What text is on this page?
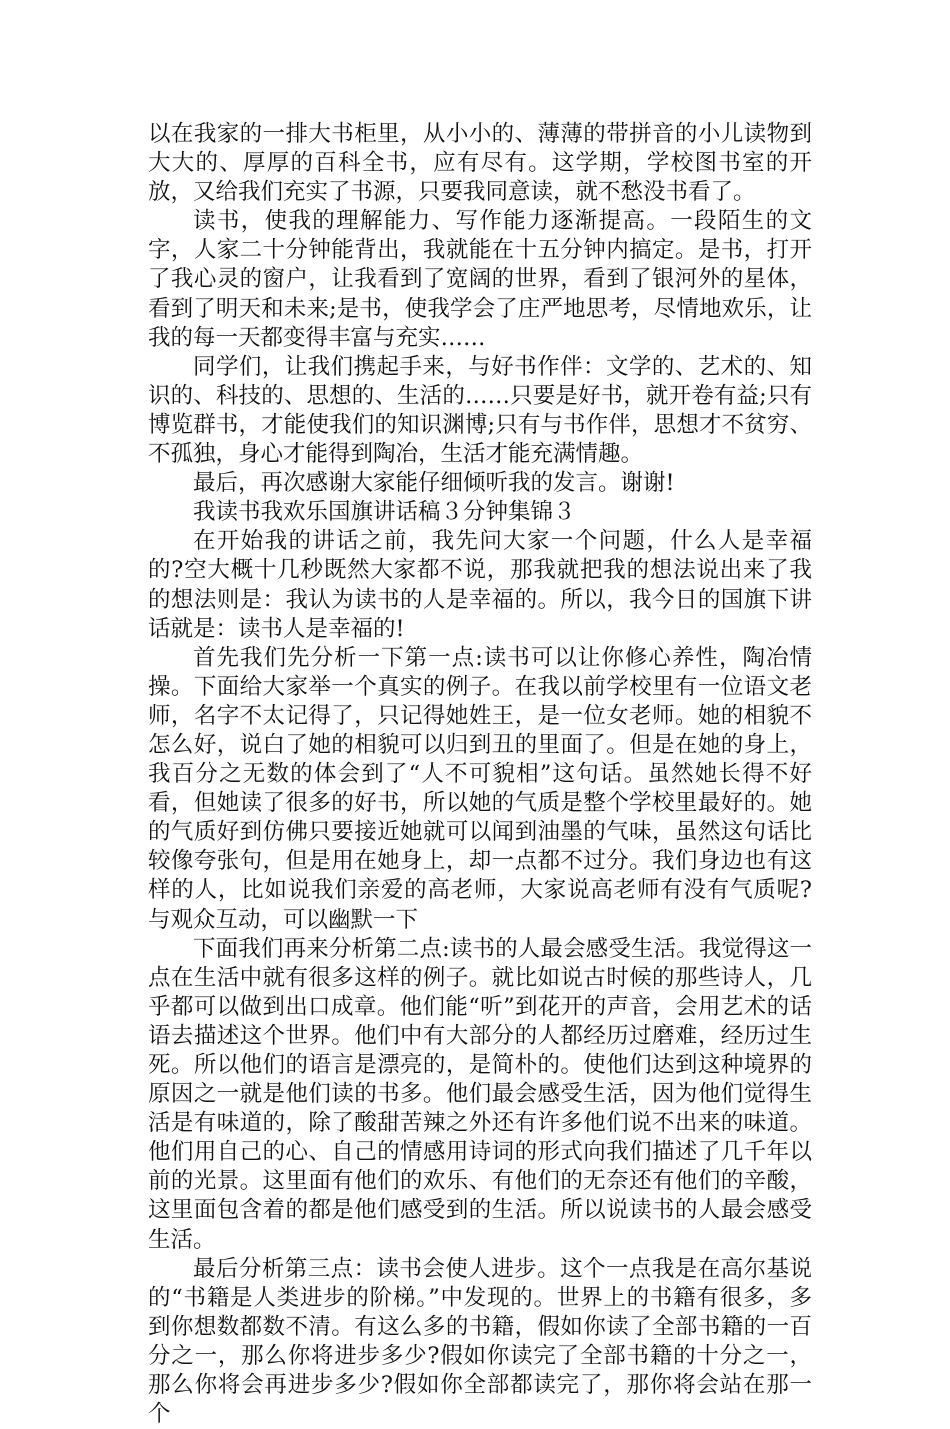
以在我家的一排大书柜里，从小小的、薄薄的带拼音的小儿读物到大大的、厚厚的百科全书，应有尽有。这学期，学校图书室的开放，又给我们充实了书源，只要我同意读，就不愁没书看了。

读书，使我的理解能力、写作能力逐渐提高。一段陌生的文字，人家二十分钟能背出，我就能在十五分钟内搞定。是书，打开了我心灵的窗户，让我看到了宽阔的世界，看到了银河外的星体，看到了明天和未来;是书，使我学会了庄严地思考，尽情地欢乐，让我的每一天都变得丰富与充实……

同学们，让我们携起手来，与好书作伴：文学的、艺术的、知识的、科技的、思想的、生活的……只要是好书，就开卷有益;只有博览群书，才能使我们的知识渊博;只有与书作伴，思想才不贫穷、不孤独，身心才能得到陶冶，生活才能充满情趣。

最后，再次感谢大家能仔细倾听我的发言。谢谢!

我读书我欢乐国旗讲话稿３分钟集锦３

在开始我的讲话之前，我先问大家一个问题，什么人是幸福的?空大概十几秒既然大家都不说，那我就把我的想法说出来了我的想法则是：我认为读书的人是幸福的。所以，我今日的国旗下讲话就是：读书人是幸福的!

首先我们先分析一下第一点:读书可以让你修心养性，陶冶情操。下面给大家举一个真实的例子。在我以前学校里有一位语文老师，名字不太记得了，只记得她姓王，是一位女老师。她的相貌不怎么好，说白了她的相貌可以归到丑的里面了。但是在她的身上，我百分之无数的体会到了“人不可貌相”这句话。虽然她长得不好看，但她读了很多的好书，所以她的气质是整个学校里最好的。她的气质好到仿佛只要接近她就可以闻到油墨的气味，虽然这句话比较像夸张句，但是用在她身上，却一点都不过分。我们身边也有这样的人，比如说我们亲爱的高老师，大家说高老师有没有气质呢?与观众互动，可以幽默一下

下面我们再来分析第二点:读书的人最会感受生活。我觉得这一点在生活中就有很多这样的例子。就比如说古时候的那些诗人，几乎都可以做到出口成章。他们能“听”到花开的声音，会用艺术的话语去描述这个世界。他们中有大部分的人都经历过磨难，经历过生死。所以他们的语言是漂亮的，是简朴的。使他们达到这种境界的原因之一就是他们读的书多。他们最会感受生活，因为他们觉得生活是有味道的，除了酸甜苦辣之外还有许多他们说不出来的味道。他们用自己的心、自己的情感用诗词的形式向我们描述了几千年以前的光景。这里面有他们的欢乐、有他们的无奈还有他们的辛酸，这里面包含着的都是他们感受到的生活。所以说读书的人最会感受生活。

最后分析第三点：读书会使人进步。这个一点我是在高尔基说的“书籍是人类进步的阶梯。”中发现的。世界上的书籍有很多，多到你想数都数不清。有这么多的书籍，假如你读了全部书籍的一百分之一，那么你将进步多少?假如你读完了全部书籍的十分之一，那么你将会再进步多少?假如你全部都读完了，那你将会站在那一个
